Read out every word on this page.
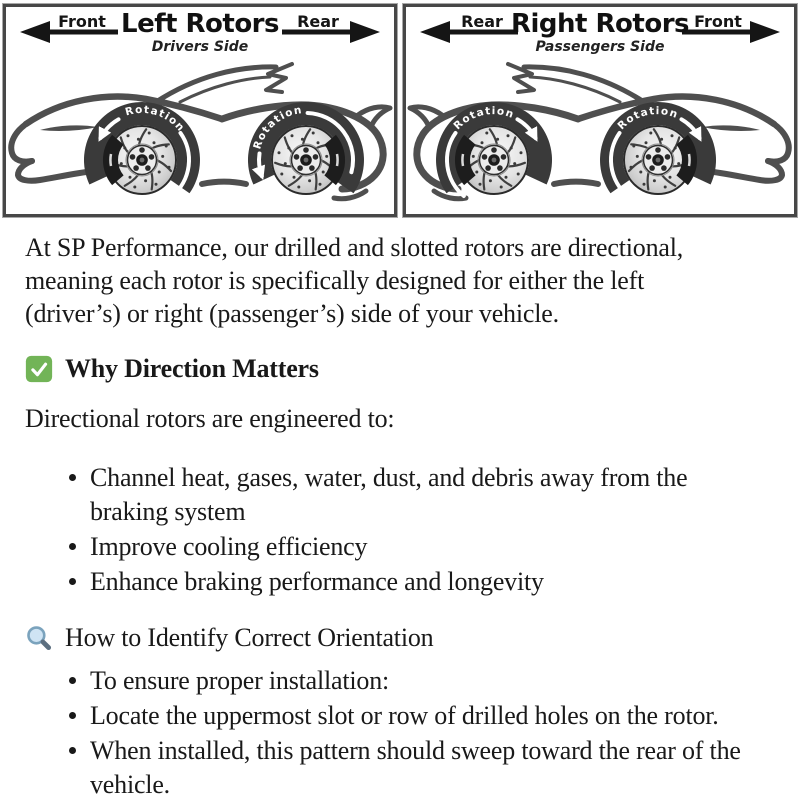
Front	Rear
Left Rotors
Drivers Side
Rotation
Rotation
Rear	Front
Right Rotors
Passengers Side
Rotation
Rotation

At SP Performance, our drilled and slotted rotors are directional,
meaning each rotor is specifically designed for either the left
(driver’s) or right (passenger’s) side of your vehicle.

Why Direction Matters

Directional rotors are engineered to:

Channel heat, gases, water, dust, and debris away from the
braking system
Improve cooling efficiency
Enhance braking performance and longevity
How to Identify Correct Orientation
To ensure proper installation:
Locate the uppermost slot or row of drilled holes on the rotor.
When installed, this pattern should sweep toward the rear of the
vehicle.
